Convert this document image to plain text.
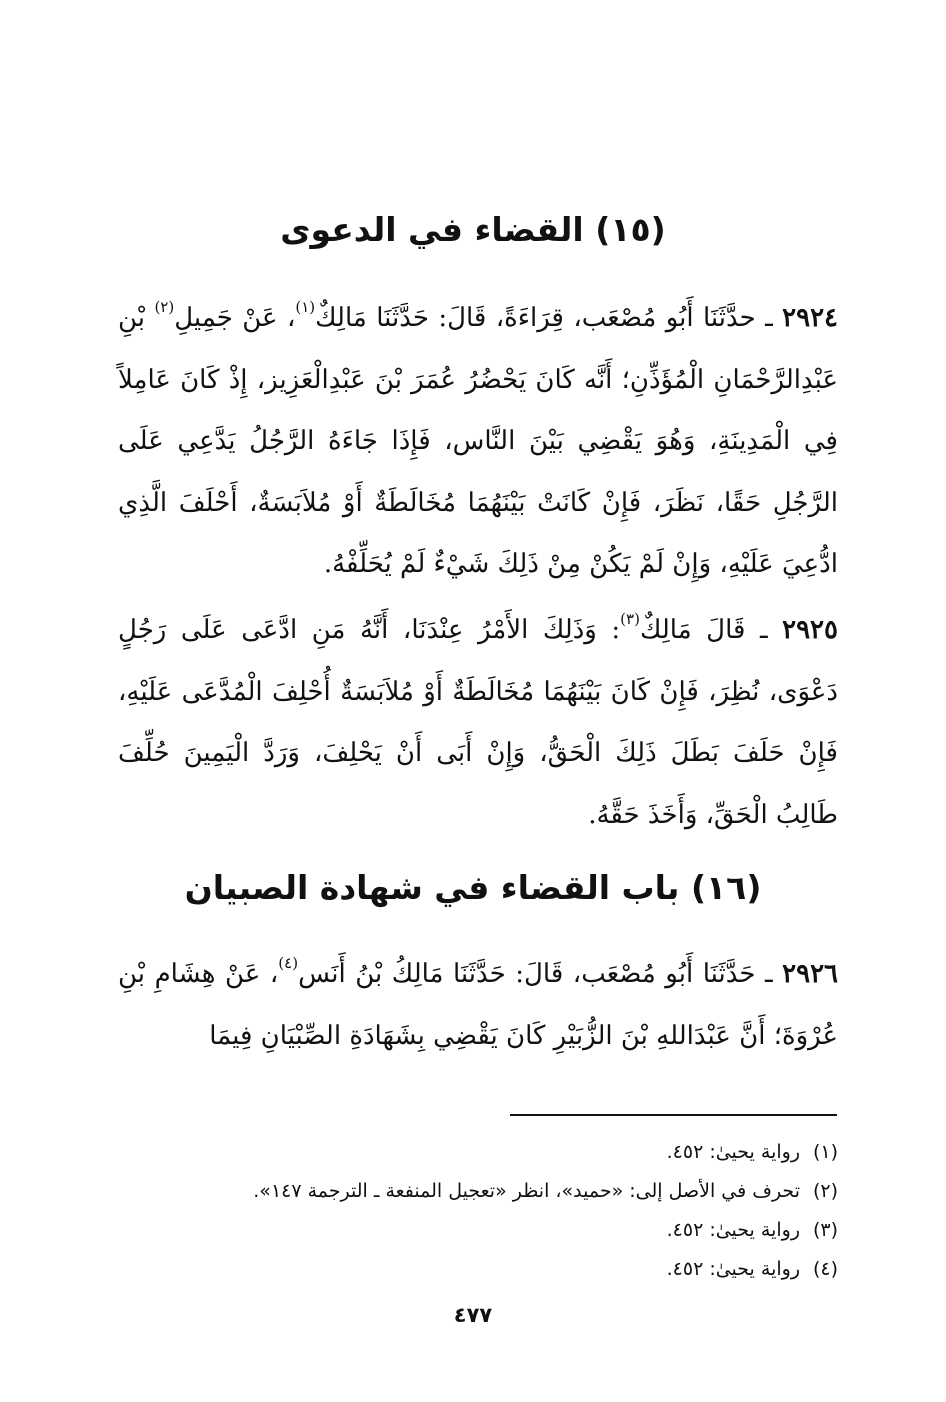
(١٥) القضاء في الدعوى

٢٩٢٤ ـ حدَّثَنَا أَبُو مُصْعَب، قِرَاءَةً، قَالَ: حَدَّثَنَا مَالِكٌ$^{(١)}$، عَنْ جَمِيلِ$^{(٢)}$ بْنِ عَبْدِالرَّحْمَانِ الْمُؤَذِّنِ؛ أَنَّه كَانَ يَحْضُرُ عُمَرَ بْنَ عَبْدِالْعَزِيز، إِذْ كَانَ عَامِلاً فِي الْمَدِينَةِ، وَهُوَ يَقْضِي بَيْنَ النَّاس، فَإِذَا جَاءَهُ الرَّجُلُ يَدَّعِي عَلَى الرَّجُلِ حَقًا، نَظَرَ، فَإِنْ كَانَتْ بَيْنَهُمَا مُخَالَطَةٌ أَوْ مُلاَبَسَةٌ، أَحْلَفَ الَّذِي ادُّعِيَ عَلَيْهِ، وَإِنْ لَمْ يَكُنْ مِنْ ذَلِكَ شَيْءٌ لَمْ يُحَلِّفْهُ.

٢٩٢٥ ـ قَالَ مَالِكٌ$^{(٣)}$: وَذَلِكَ الأَمْرُ عِنْدَنَا، أَنَّهُ مَنِ ادَّعَى عَلَى رَجُلٍ دَعْوَى، نُظِرَ، فَإِنْ كَانَ بَيْنَهُمَا مُخَالَطَةٌ أَوْ مُلاَبَسَةٌ أُحْلِفَ الْمُدَّعَى عَلَيْهِ، فَإِنْ حَلَفَ بَطَلَ ذَلِكَ الْحَقُّ، وَإِنْ أَبَى أَنْ يَحْلِفَ، وَرَدَّ الْيَمِينَ حُلِّفَ طَالِبُ الْحَقِّ، وَأَخَذَ حَقَّهُ.

(١٦) باب القضاء في شهادة الصبيان

٢٩٢٦ ـ حَدَّثَنَا أَبُو مُصْعَب، قَالَ: حَدَّثَنَا مَالِكُ بْنُ أَنَس$^{(٤)}$، عَنْ هِشَامِ بْنِ عُرْوَةَ؛ أَنَّ عَبْدَاللهِ بْنَ الزُّبَيْرِ كَانَ يَقْضِي بِشَهَادَةِ الصِّبْيَانِ فِيمَا

(١)رواية يحيىٰ: ٤٥٢.
(٢)تحرف في الأصل إلى: «حميد»، انظر «تعجيل المنفعة ـ الترجمة ١٤٧».
(٣)رواية يحيىٰ: ٤٥٢.
(٤)رواية يحيىٰ: ٤٥٢.
٤٧٧
